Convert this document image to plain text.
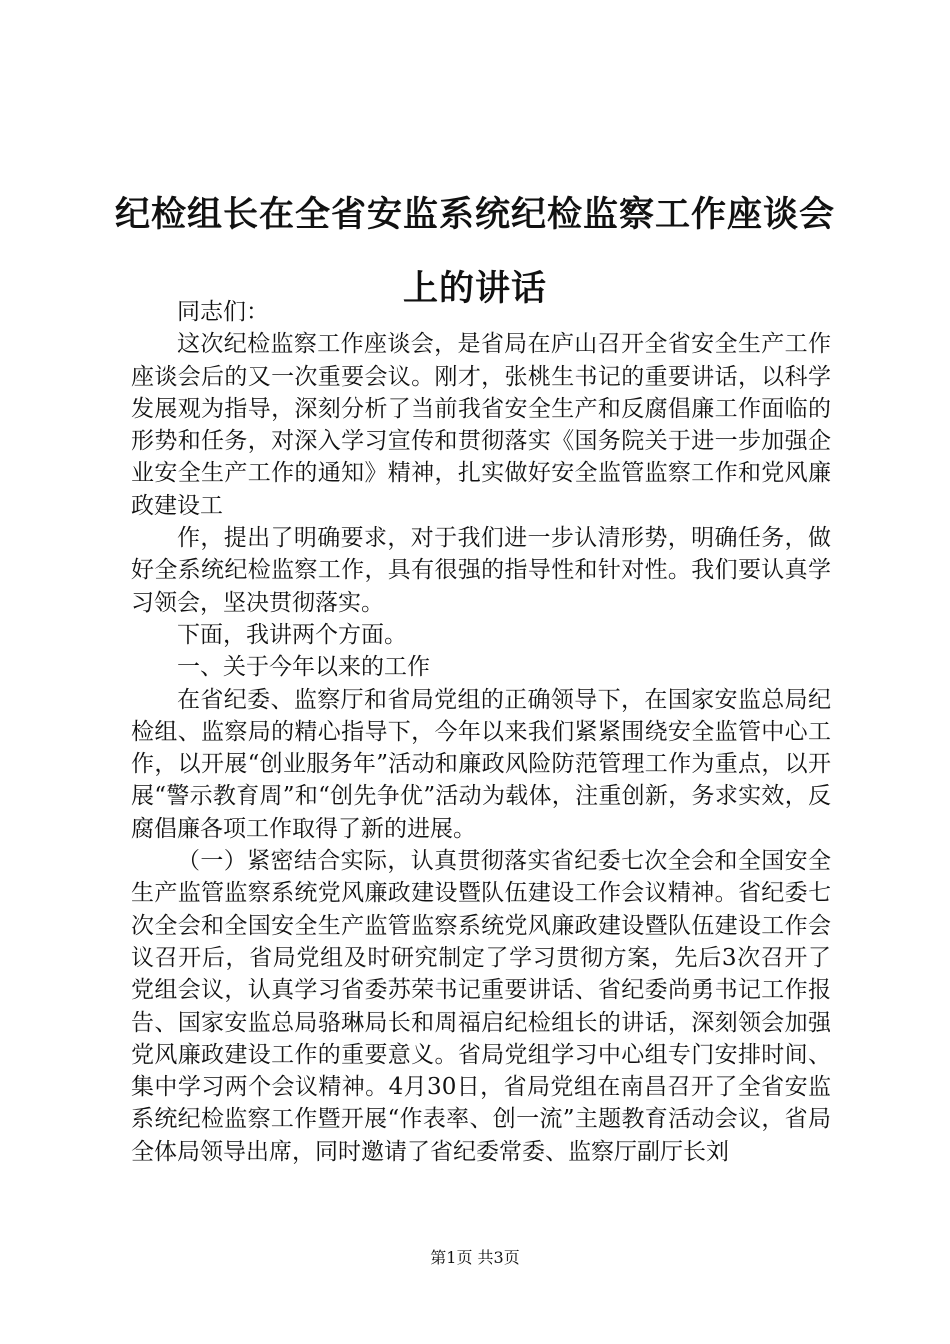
纪检组长在全省安监系统纪检监察工作座谈会
上的讲话

同志们：

这次纪检监察工作座谈会，是省局在庐山召开全省安全生产工作座谈会后的又一次重要会议。刚才，张桃生书记的重要讲话，以科学发展观为指导，深刻分析了当前我省安全生产和反腐倡廉工作面临的形势和任务，对深入学习宣传和贯彻落实《国务院关于进一步加强企业安全生产工作的通知》精神，扎实做好安全监管监察工作和党风廉政建设工

作，提出了明确要求，对于我们进一步认清形势，明确任务，做好全系统纪检监察工作，具有很强的指导性和针对性。我们要认真学习领会，坚决贯彻落实。

下面，我讲两个方面。

一、关于今年以来的工作

在省纪委、监察厅和省局党组的正确领导下，在国家安监总局纪检组、监察局的精心指导下，今年以来我们紧紧围绕安全监管中心工作，以开展“创业服务年”活动和廉政风险防范管理工作为重点，以开展“警示教育周”和“创先争优”活动为载体，注重创新，务求实效，反腐倡廉各项工作取得了新的进展。

（一）紧密结合实际，认真贯彻落实省纪委七次全会和全国安全生产监管监察系统党风廉政建设暨队伍建设工作会议精神。省纪委七次全会和全国安全生产监管监察系统党风廉政建设暨队伍建设工作会议召开后，省局党组及时研究制定了学习贯彻方案，先后3次召开了党组会议，认真学习省委苏荣书记重要讲话、省纪委尚勇书记工作报告、国家安监总局骆琳局长和周福启纪检组长的讲话，深刻领会加强党风廉政建设工作的重要意义。省局党组学习中心组专门安排时间、集中学习两个会议精神。4月30日，省局党组在南昌召开了全省安监系统纪检监察工作暨开展“作表率、创一流”主题教育活动会议，省局全体局领导出席，同时邀请了省纪委常委、监察厅副厅长刘

第1页 共3页
